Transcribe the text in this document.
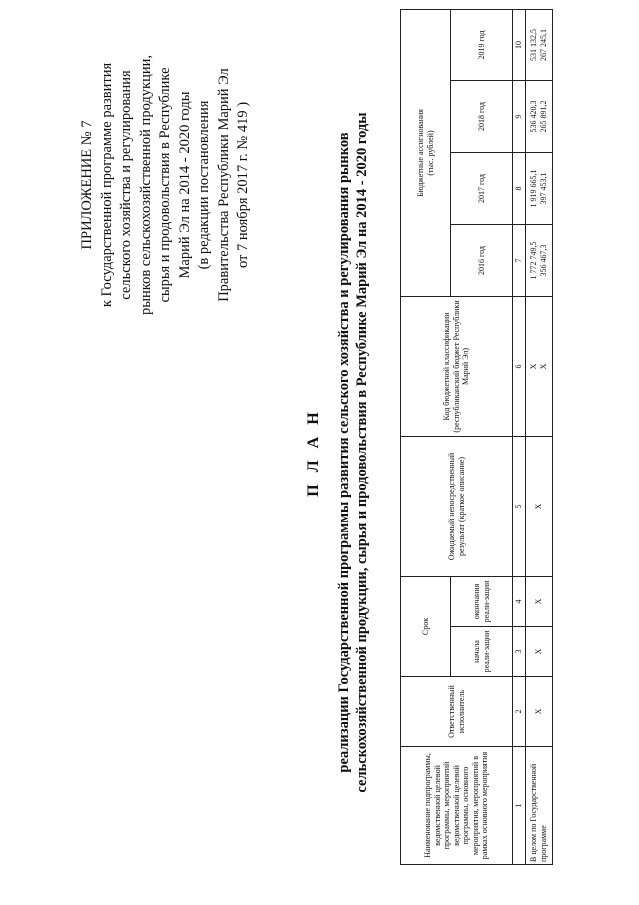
ПРИЛОЖЕНИЕ № 7 к Государственной программе развития сельского хозяйства и регулирования рынков сельскохозяйственной продукции, сырья и продовольствия в Республике Марий Эл на 2014 - 2020 годы (в редакции постановления Правительства Республики Марий Эл от 7 ноября 2017 г. № 419 )
П Л А Н реализации Государственной программы развития сельского хозяйства и регулирования рынков сельскохозяйственной продукции, сырья и продовольствия в Республике Марий Эл на 2014 - 2020 годы
Наименование подпрограммы, ведомственной целевой программы, мероприятий ведомственной целевой программы, основного мероприятия, мероприятий в рамках основного мероприятия	Ответственный исполнитель	Срок		Ожидаемый непосредственный результат (краткое описание)	Код бюджетной классификации (республиканский бюджет Республики Марий Эл)	Бюджетные ассигнования (тыс. рублей)			

		начала реали-зации	окончания реали-зации			2016 год	2017 год	2018 год	2019 год
1	2	3	4	5	6	7	8	9	10
В целом по Государственной программе	Х	Х	Х	Х	Х Х	1 772 749,5 356 467,3	1 919 665,1 397 453,1	536 420,3 265 891,2	531 132,5 267 245,1
